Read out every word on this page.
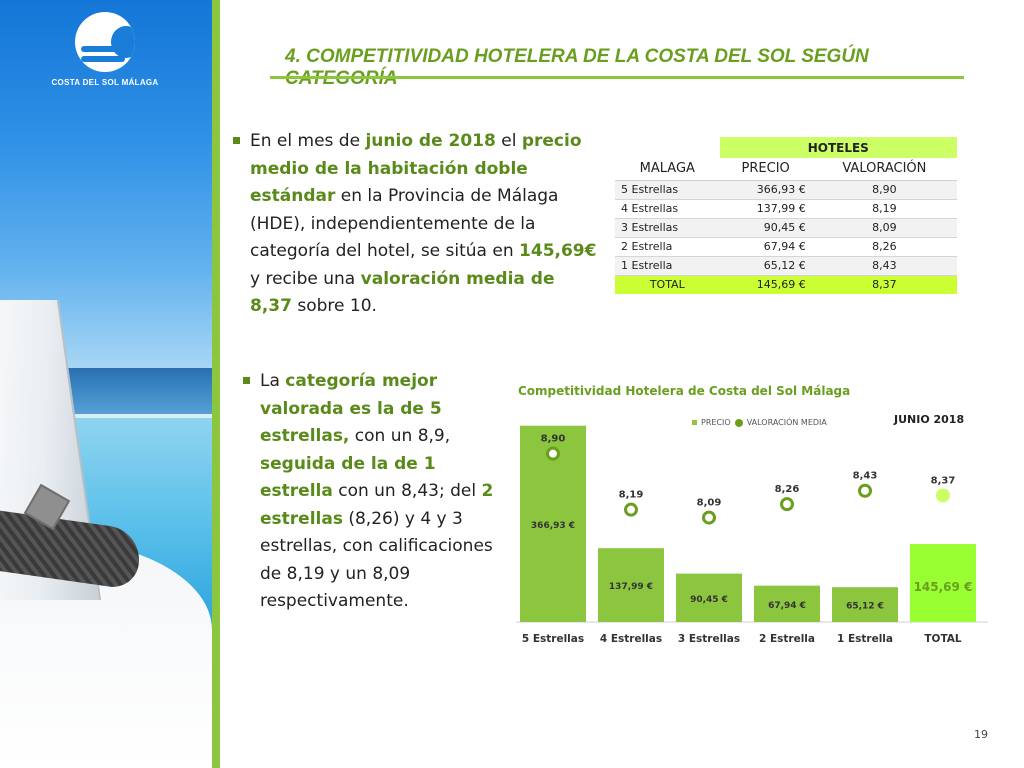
COSTA DEL SOL MÁLAGA
4. COMPETITIVIDAD HOTELERA DE LA COSTA DEL SOL SEGÚN
En el mes de junio de 2018 el precio medio de la habitación doble estándar en la Provincia de Málaga (HDE), independientemente de la categoría del hotel, se sitúa en 145,69€ y recibe una valoración media de 8,37 sobre 10.
La categoría mejor valorada es la de 5 estrellas, con un 8,9, seguida de la de 1 estrella con un 8,43; del 2 estrellas (8,26) y 4 y 3 estrellas, con calificaciones de 8,19 y un 8,09 respectivamente.
	HOTELES	
MALAGA	PRECIO	VALORACIÓN
5 Estrellas	366,93 €	8,90
4 Estrellas	137,99 €	8,19
3 Estrellas	90,45 €	8,09
2 Estrella	67,94 €	8,26
1 Estrella	65,12 €	8,43
TOTAL	145,69 €	8,37
Competitividad Hotelera de Costa del Sol Málaga
PRECIO VALORACIÓN MEDIA	JUNIO 2018
366,93 €
8,90
5 Estrellas
137,99 €
8,19
4 Estrellas
90,45 €
8,09
3 Estrellas
67,94 €
8,26
2 Estrella
65,12 €
8,43
1 Estrella
145,69 €
8,37
TOTAL
19
